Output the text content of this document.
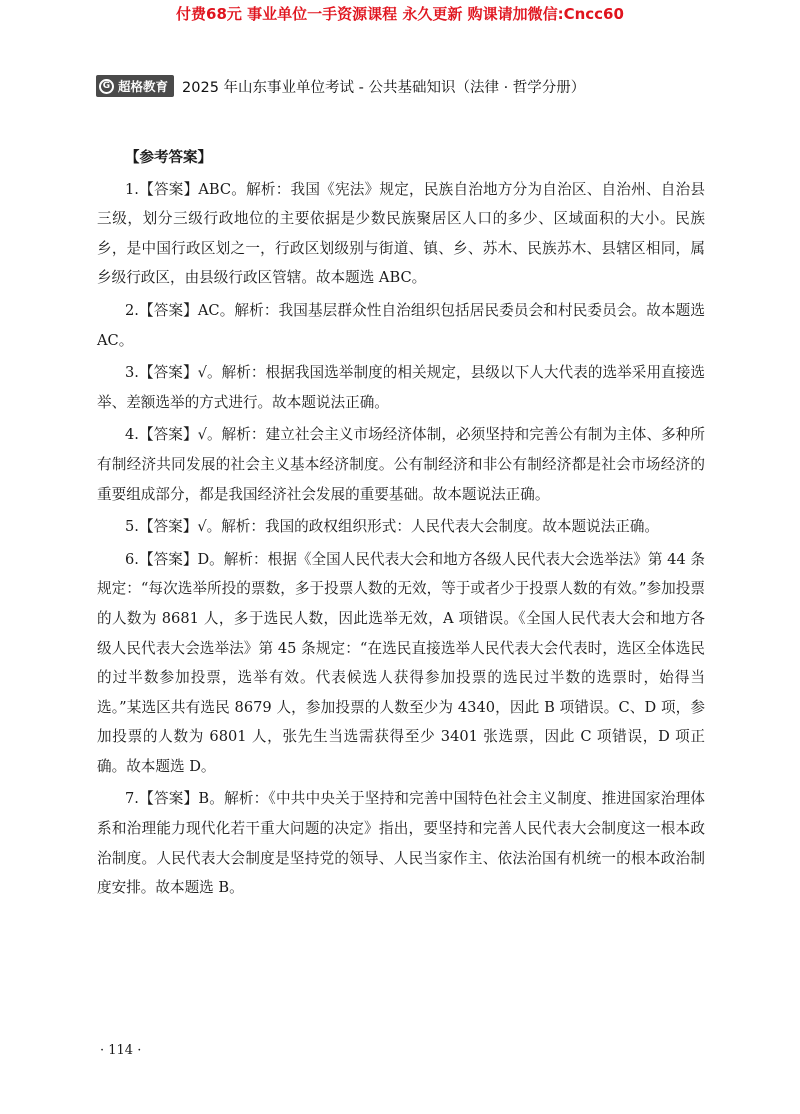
付费68元 事业单位一手资源课程 永久更新 购课请加微信:Cncc60
G 超格教育 2025 年山东事业单位考试 - 公共基础知识（法律 · 哲学分册）
【参考答案】

1.【答案】ABC。解析：我国《宪法》规定，民族自治地方分为自治区、自治州、自治县三级，划分三级行政地位的主要依据是少数民族聚居区人口的多少、区域面积的大小。民族乡，是中国行政区划之一，行政区划级别与街道、镇、乡、苏木、民族苏木、县辖区相同，属乡级行政区，由县级行政区管辖。故本题选 ABC。

2.【答案】AC。解析：我国基层群众性自治组织包括居民委员会和村民委员会。故本题选 AC。

3.【答案】√。解析：根据我国选举制度的相关规定，县级以下人大代表的选举采用直接选举、差额选举的方式进行。故本题说法正确。

4.【答案】√。解析：建立社会主义市场经济体制，必须坚持和完善公有制为主体、多种所有制经济共同发展的社会主义基本经济制度。公有制经济和非公有制经济都是社会市场经济的重要组成部分，都是我国经济社会发展的重要基础。故本题说法正确。

5.【答案】√。解析：我国的政权组织形式：人民代表大会制度。故本题说法正确。

6.【答案】D。解析：根据《全国人民代表大会和地方各级人民代表大会选举法》第 44 条规定：“每次选举所投的票数，多于投票人数的无效，等于或者少于投票人数的有效。”参加投票的人数为 8681 人，多于选民人数，因此选举无效，A 项错误。《全国人民代表大会和地方各级人民代表大会选举法》第 45 条规定：“在选民直接选举人民代表大会代表时，选区全体选民的过半数参加投票，选举有效。代表候选人获得参加投票的选民过半数的选票时，始得当选。”某选区共有选民 8679 人，参加投票的人数至少为 4340，因此 B 项错误。C、D 项，参加投票的人数为 6801 人，张先生当选需获得至少 3401 张选票，因此 C 项错误，D 项正确。故本题选 D。

7.【答案】B。解析：《中共中央关于坚持和完善中国特色社会主义制度、推进国家治理体系和治理能力现代化若干重大问题的决定》指出，要坚持和完善人民代表大会制度这一根本政治制度。人民代表大会制度是坚持党的领导、人民当家作主、依法治国有机统一的根本政治制度安排。故本题选 B。

· 114 ·
